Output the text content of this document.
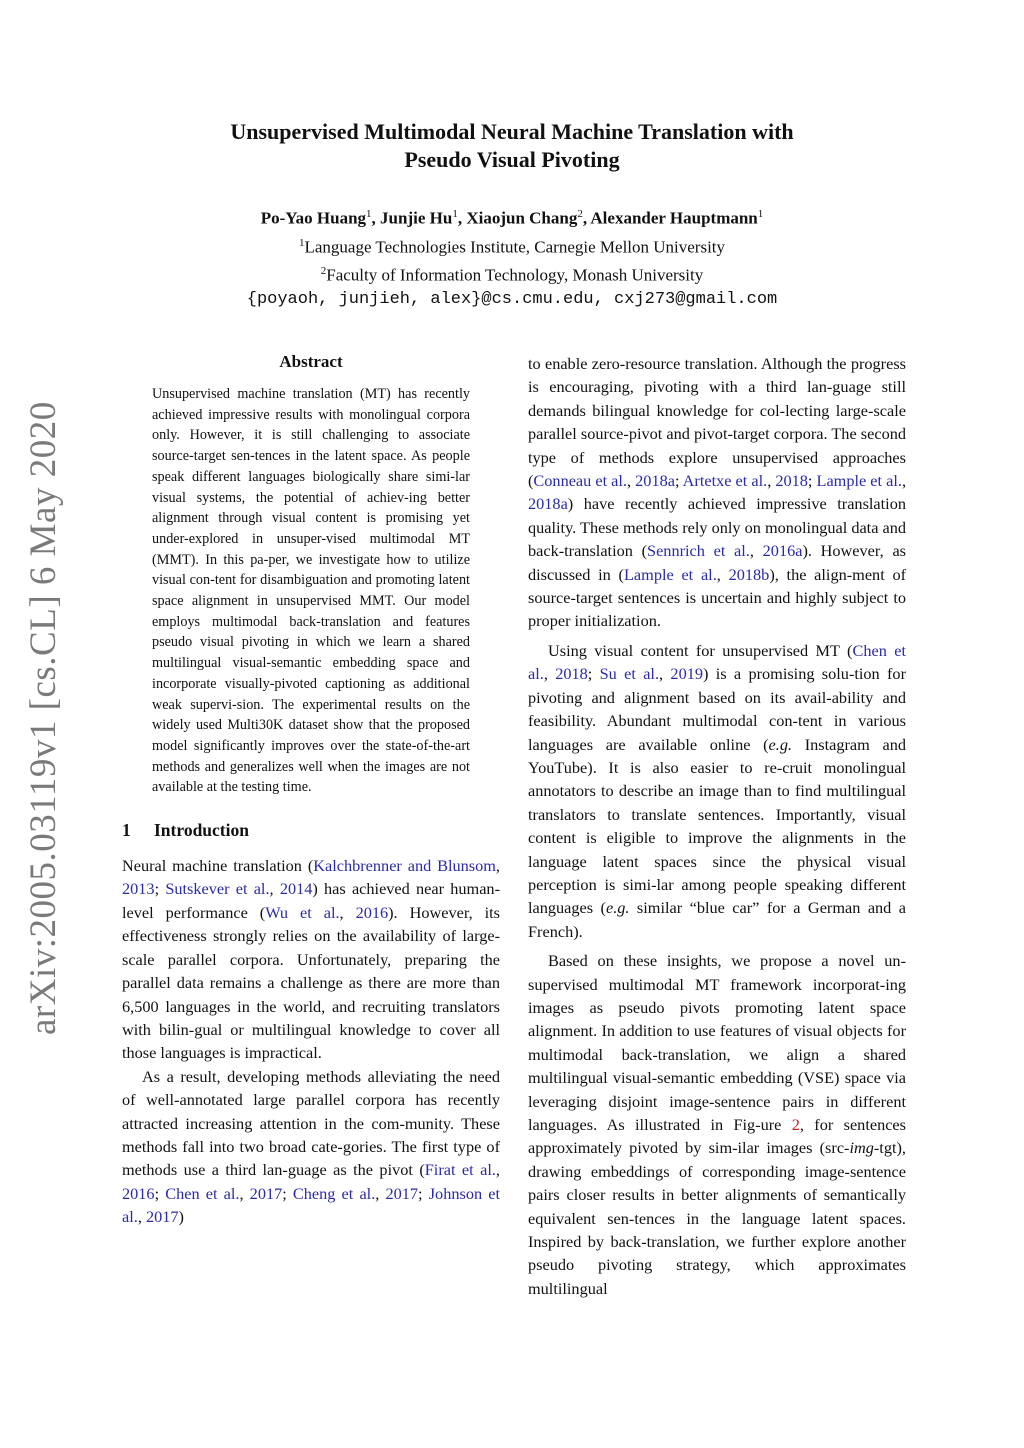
arXiv:2005.03119v1 [cs.CL] 6 May 2020
Unsupervised Multimodal Neural Machine Translation with
Pseudo Visual Pivoting
Po-Yao Huang$^1$, Junjie Hu$^1$, Xiaojun Chang$^2$, Alexander Hauptmann$^1$
$^1$Language Technologies Institute, Carnegie Mellon University
$^2$Faculty of Information Technology, Monash University
{poyaoh, junjieh, alex}@cs.cmu.edu, cxj273@gmail.com
Abstract
Unsupervised machine translation (MT) has recently achieved impressive results with monolingual corpora only. However, it is still challenging to associate source-target sen-tences in the latent space. As people speak different languages biologically share simi-lar visual systems, the potential of achiev-ing better alignment through visual content is promising yet under-explored in unsuper-vised multimodal MT (MMT). In this pa-per, we investigate how to utilize visual con-tent for disambiguation and promoting latent space alignment in unsupervised MMT. Our model employs multimodal back-translation and features pseudo visual pivoting in which we learn a shared multilingual visual-semantic embedding space and incorporate visually-pivoted captioning as additional weak supervi-sion. The experimental results on the widely used Multi30K dataset show that the proposed model significantly improves over the state-of-the-art methods and generalizes well when the images are not available at the testing time.
1 Introduction

Neural machine translation (Kalchbrenner and Blunsom, 2013; Sutskever et al., 2014) has achieved near human-level performance (Wu et al., 2016). However, its effectiveness strongly relies on the availability of large-scale parallel corpora. Unfortunately, preparing the parallel data remains a challenge as there are more than 6,500 languages in the world, and recruiting translators with bilin-gual or multilingual knowledge to cover all those languages is impractical.

As a result, developing methods alleviating the need of well-annotated large parallel corpora has recently attracted increasing attention in the com-munity. These methods fall into two broad cate-gories. The first type of methods use a third lan-guage as the pivot (Firat et al., 2016; Chen et al., 2017; Cheng et al., 2017; Johnson et al., 2017)

to enable zero-resource translation. Although the progress is encouraging, pivoting with a third lan-guage still demands bilingual knowledge for col-lecting large-scale parallel source-pivot and pivot-target corpora. The second type of methods explore unsupervised approaches (Conneau et al., 2018a; Artetxe et al., 2018; Lample et al., 2018a) have recently achieved impressive translation quality. These methods rely only on monolingual data and back-translation (Sennrich et al., 2016a). However, as discussed in (Lample et al., 2018b), the align-ment of source-target sentences is uncertain and highly subject to proper initialization.

Using visual content for unsupervised MT (Chen et al., 2018; Su et al., 2019) is a promising solu-tion for pivoting and alignment based on its avail-ability and feasibility. Abundant multimodal con-tent in various languages are available online (e.g. Instagram and YouTube). It is also easier to re-cruit monolingual annotators to describe an image than to find multilingual translators to translate sentences. Importantly, visual content is eligible to improve the alignments in the language latent spaces since the physical visual perception is simi-lar among people speaking different languages (e.g. similar “blue car” for a German and a French).

Based on these insights, we propose a novel un-supervised multimodal MT framework incorporat-ing images as pseudo pivots promoting latent space alignment. In addition to use features of visual objects for multimodal back-translation, we align a shared multilingual visual-semantic embedding (VSE) space via leveraging disjoint image-sentence pairs in different languages. As illustrated in Fig-ure 2, for sentences approximately pivoted by sim-ilar images (src-img-tgt), drawing embeddings of corresponding image-sentence pairs closer results in better alignments of semantically equivalent sen-tences in the language latent spaces. Inspired by back-translation, we further explore another pseudo pivoting strategy, which approximates multilingual
